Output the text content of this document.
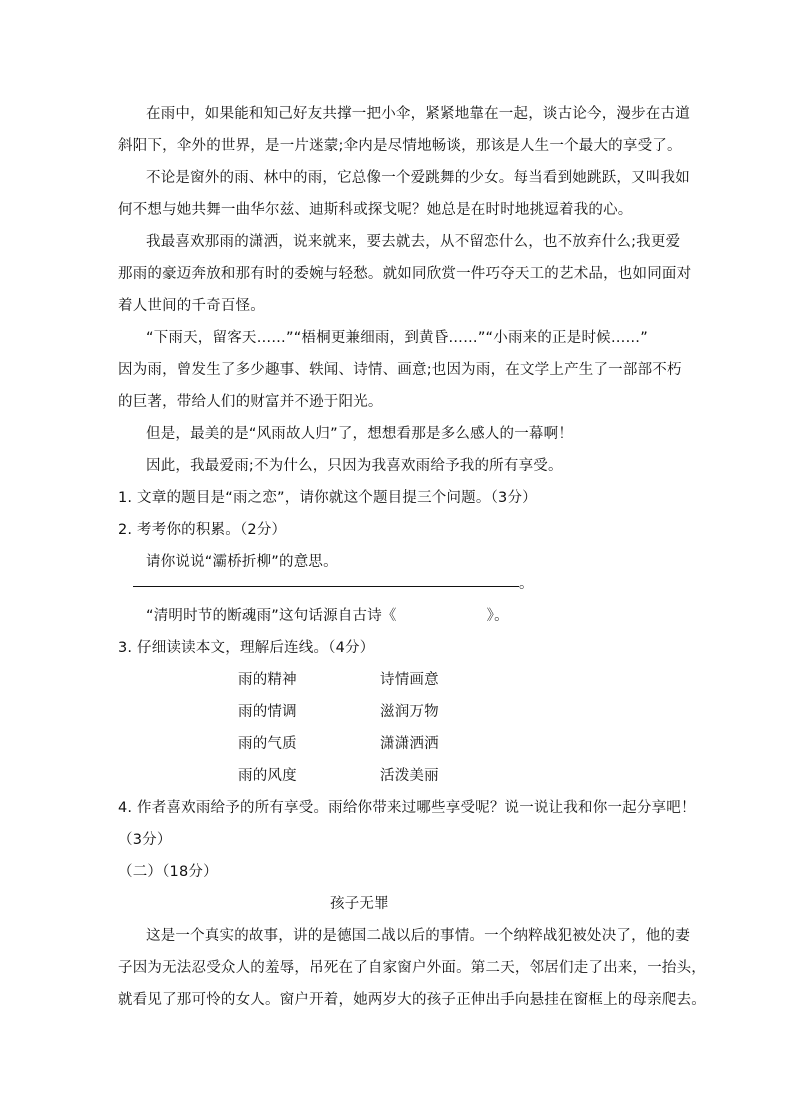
在雨中，如果能和知己好友共撑一把小伞，紧紧地靠在一起，谈古论今，漫步在古道
斜阳下，伞外的世界，是一片迷蒙;伞内是尽情地畅谈，那该是人生一个最大的享受了。
不论是窗外的雨、林中的雨，它总像一个爱跳舞的少女。每当看到她跳跃，又叫我如
何不想与她共舞一曲华尔兹、迪斯科或探戈呢？她总是在时时地挑逗着我的心。
我最喜欢那雨的潇洒，说来就来，要去就去，从不留恋什么，也不放弃什么;我更爱
那雨的豪迈奔放和那有时的委婉与轻愁。就如同欣赏一件巧夺天工的艺术品，也如同面对
着人世间的千奇百怪。
“下雨天，留客天……”“梧桐更兼细雨，到黄昏……”“小雨来的正是时候……”
因为雨，曾发生了多少趣事、轶闻、诗情、画意;也因为雨，在文学上产生了一部部不朽
的巨著，带给人们的财富并不逊于阳光。
但是，最美的是“风雨故人归”了，想想看那是多么感人的一幕啊！
因此，我最爱雨;不为什么，只因为我喜欢雨给予我的所有享受。
1. 文章的题目是“雨之恋”，请你就这个题目提三个问题。（3分）
2. 考考你的积累。（2分）
请你说说“灞桥折柳”的意思。
。
“清明时节的断魂雨”这句话源自古诗《	》。
3. 仔细读读本文，理解后连线。（4分）
雨的精神	诗情画意
雨的情调	滋润万物
雨的气质	潇潇洒洒
雨的风度	活泼美丽
4. 作者喜欢雨给予的所有享受。雨给你带来过哪些享受呢？说一说让我和你一起分享吧！
（3分）
（二）（18分）
孩子无罪
这是一个真实的故事，讲的是德国二战以后的事情。一个纳粹战犯被处决了，他的妻
子因为无法忍受众人的羞辱，吊死在了自家窗户外面。第二天，邻居们走了出来，一抬头，
就看见了那可怜的女人。窗户开着，她两岁大的孩子正伸出手向悬挂在窗框上的母亲爬去。
